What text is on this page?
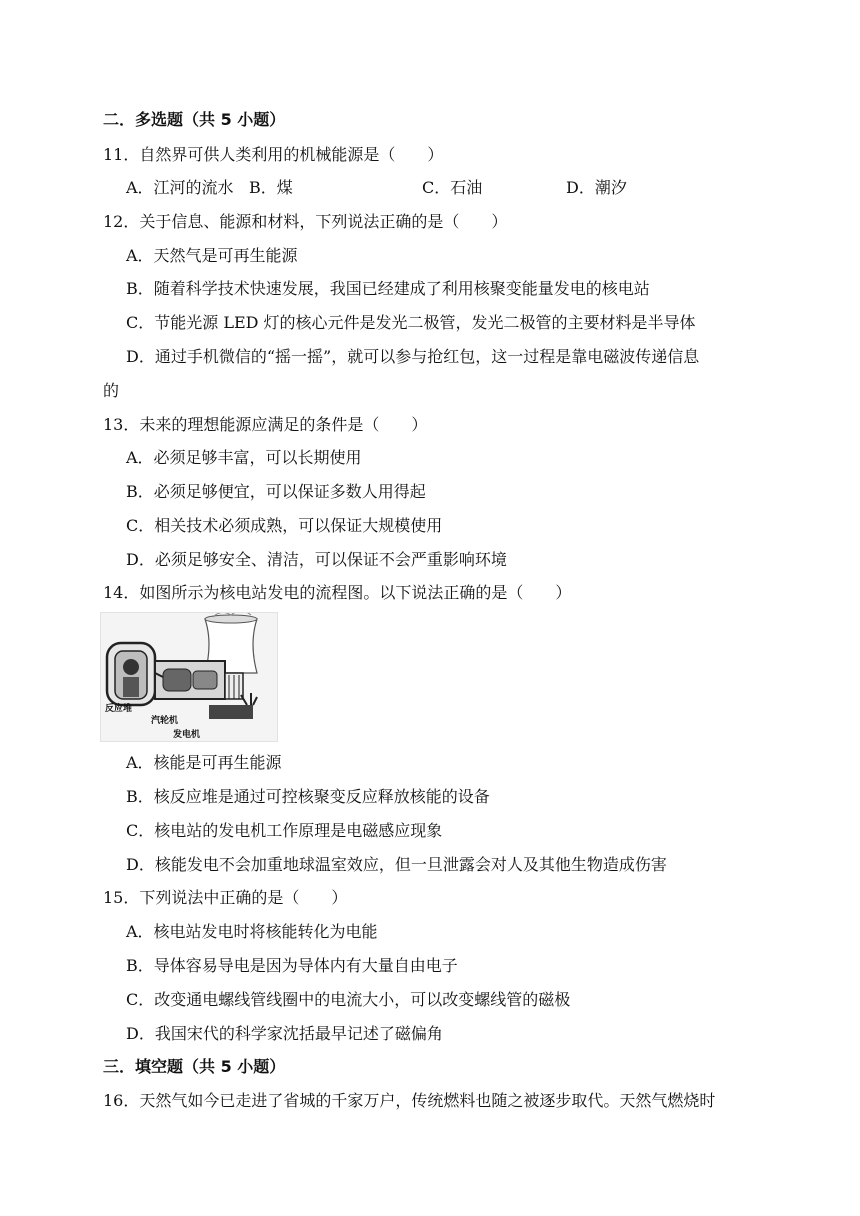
二．多选题（共 5 小题）
11．自然界可供人类利用的机械能源是（　　）
A．江河的流水 B．煤	C．石油	D．潮汐
12．关于信息、能源和材料，下列说法正确的是（　　）
A．天然气是可再生能源
B．随着科学技术快速发展，我国已经建成了利用核聚变能量发电的核电站
C．节能光源 LED 灯的核心元件是发光二极管，发光二极管的主要材料是半导体
D．通过手机微信的“摇一摇”，就可以参与抢红包，这一过程是靠电磁波传递信息
的
13．未来的理想能源应满足的条件是（　　）
A．必须足够丰富，可以长期使用
B．必须足够便宜，可以保证多数人用得起
C．相关技术必须成熟，可以保证大规模使用
D．必须足够安全、清洁，可以保证不会严重影响环境
14．如图所示为核电站发电的流程图。以下说法正确的是（　　）
反应堆
汽轮机
发电机
A．核能是可再生能源
B．核反应堆是通过可控核聚变反应释放核能的设备
C．核电站的发电机工作原理是电磁感应现象
D．核能发电不会加重地球温室效应，但一旦泄露会对人及其他生物造成伤害
15．下列说法中正确的是（　　）
A．核电站发电时将核能转化为电能
B．导体容易导电是因为导体内有大量自由电子
C．改变通电螺线管线圈中的电流大小，可以改变螺线管的磁极
D．我国宋代的科学家沈括最早记述了磁偏角
三．填空题（共 5 小题）
16．天然气如今已走进了省城的千家万户，传统燃料也随之被逐步取代。天然气燃烧时
